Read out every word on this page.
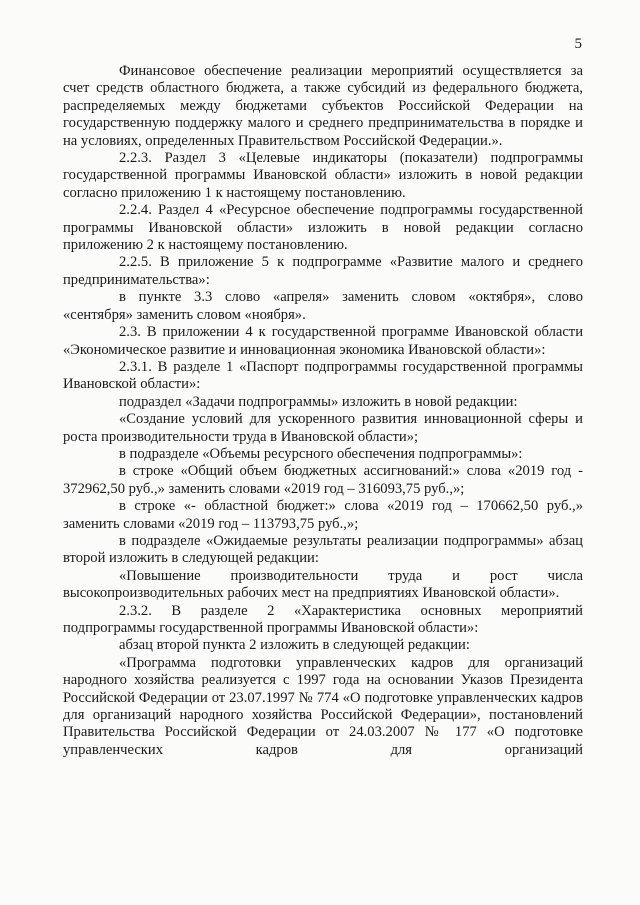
5

Финансовое обеспечение реализации мероприятий осуществляется за счет средств областного бюджета, а также субсидий из федерального бюджета, распределяемых между бюджетами субъектов Российской Федерации на государственную поддержку малого и среднего предпринимательства в порядке и на условиях, определенных Правительством Российской Федерации.».

2.2.3. Раздел 3 «Целевые индикаторы (показатели) подпрограммы государственной программы Ивановской области» изложить в новой редакции согласно приложению 1 к настоящему постановлению.

2.2.4. Раздел 4 «Ресурсное обеспечение подпрограммы государственной программы Ивановской области» изложить в новой редакции согласно приложению 2 к настоящему постановлению.

2.2.5. В приложение 5 к подпрограмме «Развитие малого и среднего предпринимательства»:

в пункте 3.3 слово «апреля» заменить словом «октября», слово «сентября» заменить словом «ноября».

2.3. В приложении 4 к государственной программе Ивановской области «Экономическое развитие и инновационная экономика Ивановской области»:

2.3.1. В разделе 1 «Паспорт подпрограммы государственной программы Ивановской области»:

подраздел «Задачи подпрограммы» изложить в новой редакции:

«Создание условий для ускоренного развития инновационной сферы и роста производительности труда в Ивановской области»;

в подразделе «Объемы ресурсного обеспечения подпрограммы»:

в строке «Общий объем бюджетных ассигнований:» слова «2019 год - 372962,50 руб.,» заменить словами «2019 год – 316093,75 руб.,»;

в строке «- областной бюджет:» слова «2019 год – 170662,50 руб.,» заменить словами «2019 год – 113793,75 руб.,»;

в подразделе «Ожидаемые результаты реализации подпрограммы» абзац второй изложить в следующей редакции:

«Повышение производительности труда и рост числа высокопроизводительных рабочих мест на предприятиях Ивановской области».

2.3.2. В разделе 2 «Характеристика основных мероприятий подпрограммы государственной программы Ивановской области»:

абзац второй пункта 2 изложить в следующей редакции:

«Программа подготовки управленческих кадров для организаций народного хозяйства реализуется с 1997 года на основании Указов Президента Российской Федерации от 23.07.1997 № 774 «О подготовке управленческих кадров для организаций народного хозяйства Российской Федерации», постановлений Правительства Российской Федерации от 24.03.2007 № 177 «О подготовке управленческих кадров для организаций
